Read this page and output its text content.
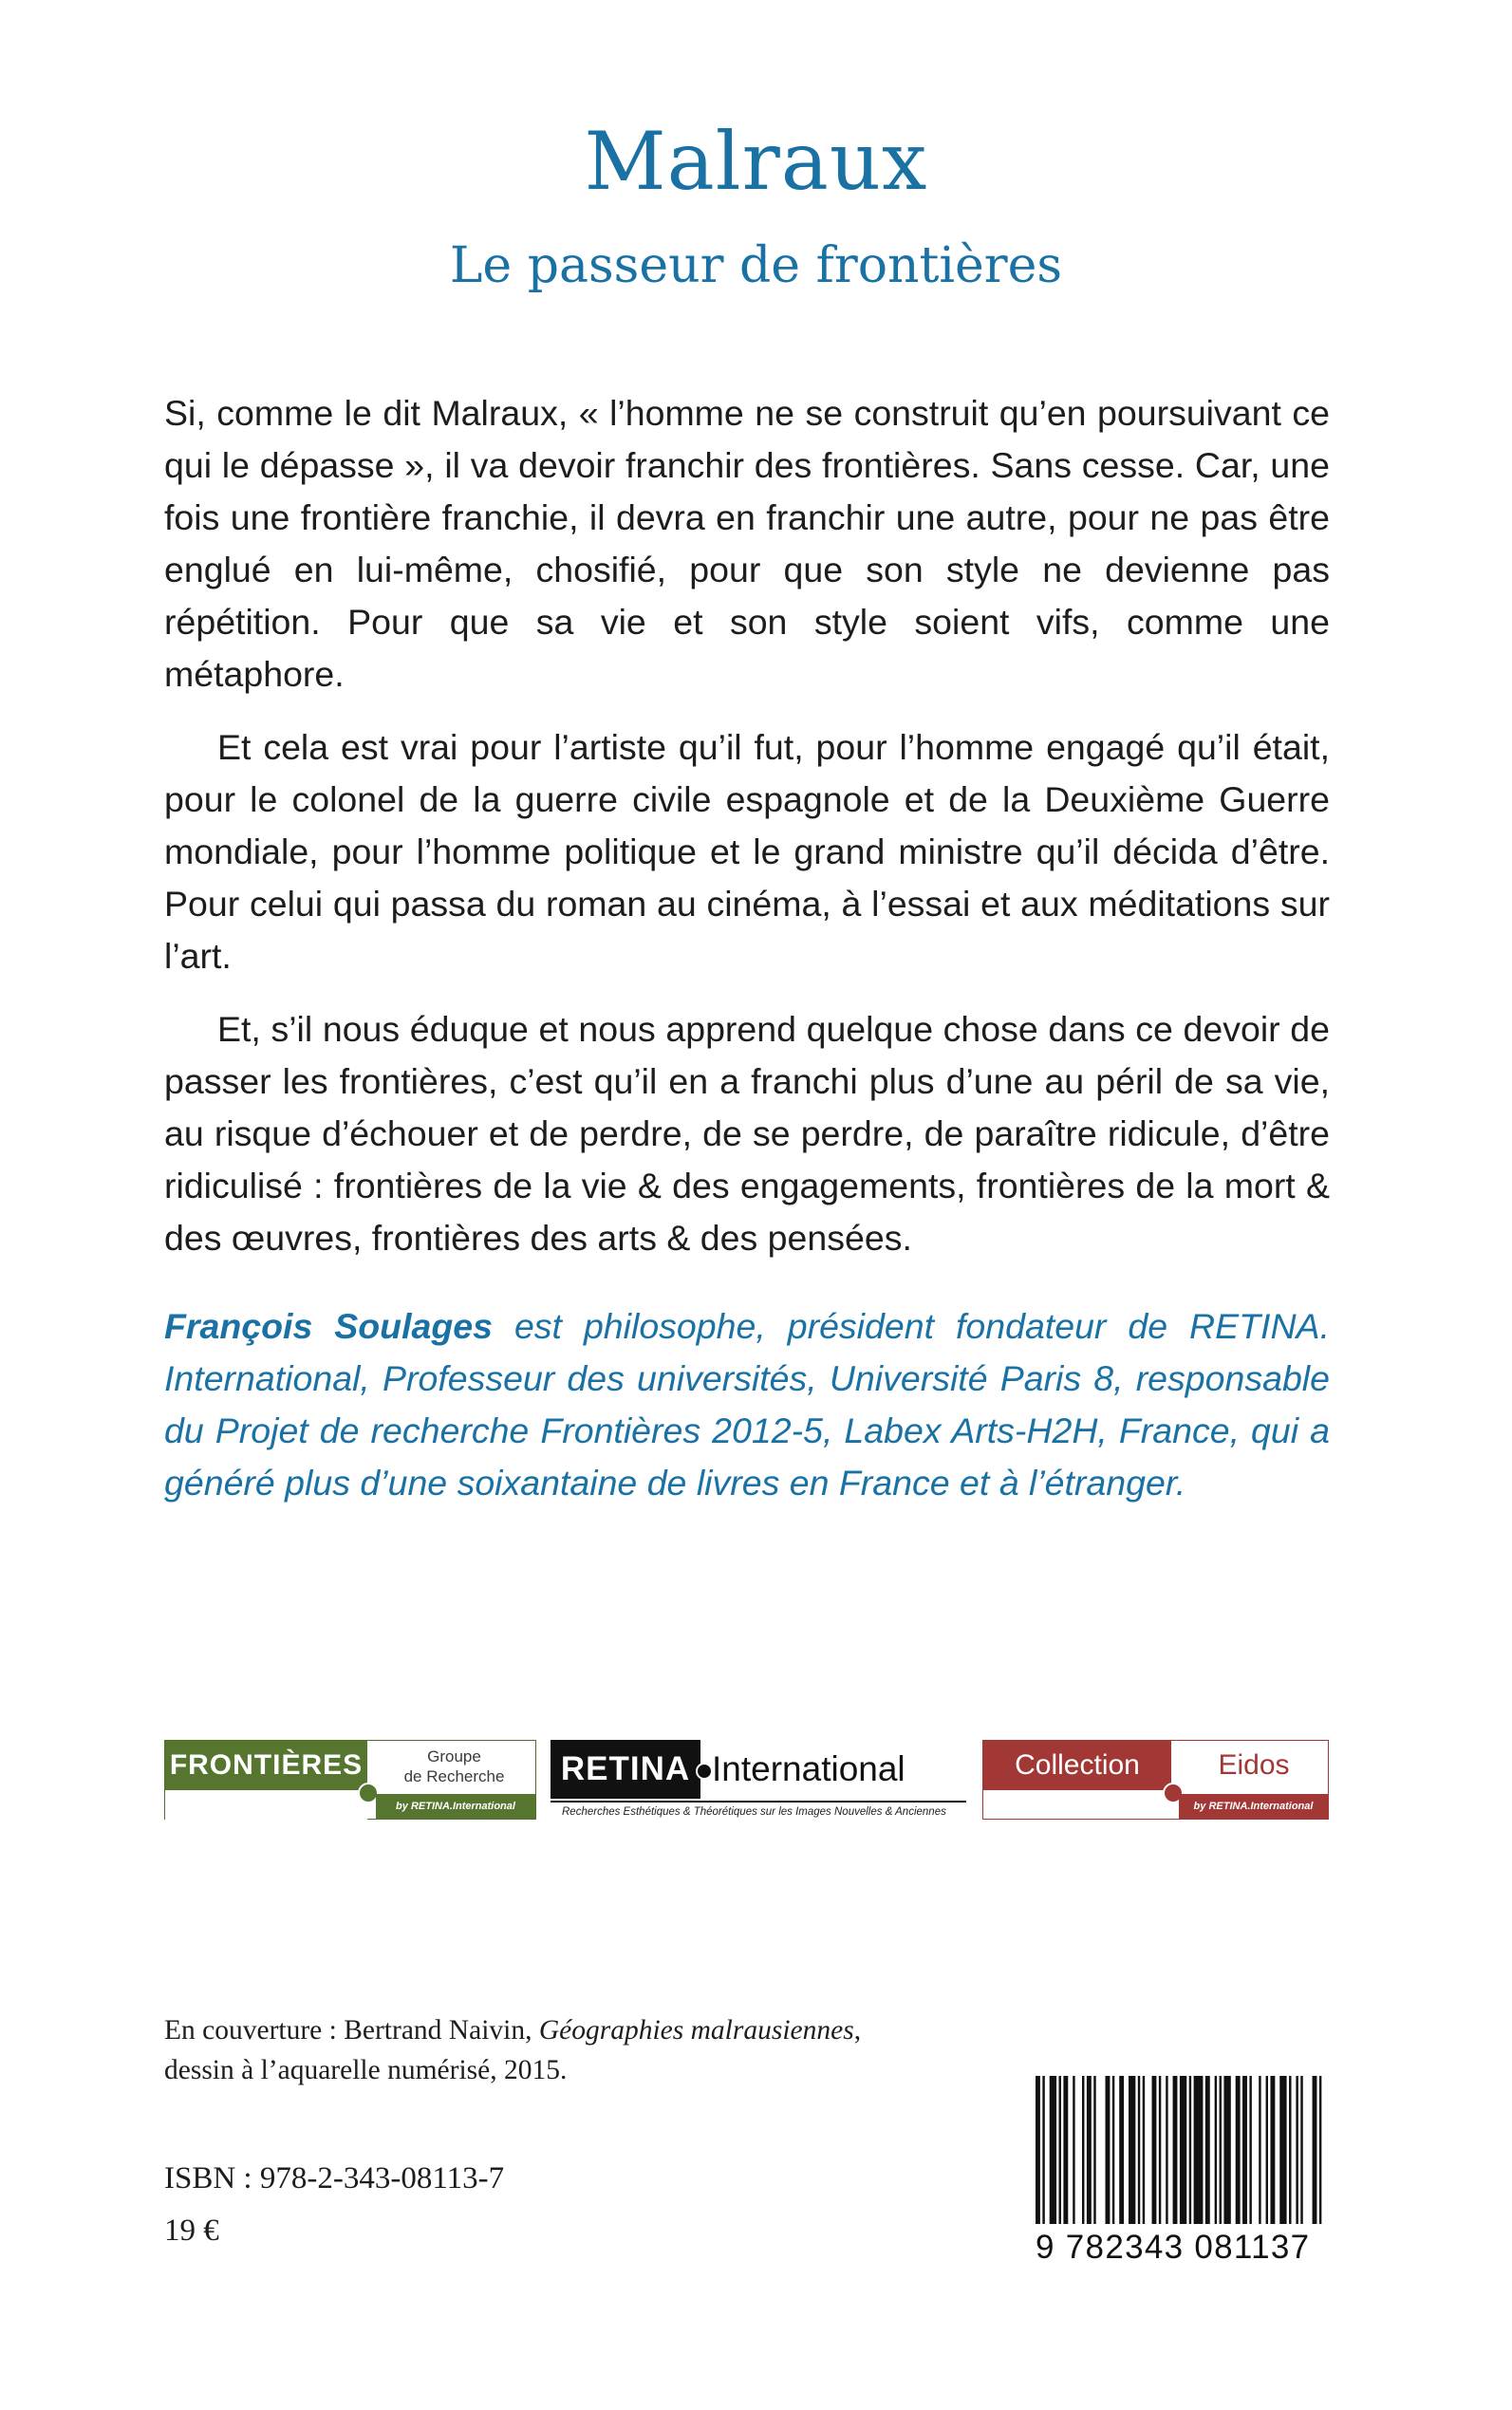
Malraux
Le passeur de frontières

Si, comme le dit Malraux, « l’homme ne se construit qu’en poursuivant ce qui le dépasse », il va devoir franchir des frontières. Sans cesse. Car, une fois une frontière franchie, il devra en franchir une autre, pour ne pas être englué en lui-même, chosifié, pour que son style ne devienne pas répétition. Pour que sa vie et son style soient vifs, comme une métaphore.

Et cela est vrai pour l’artiste qu’il fut, pour l’homme engagé qu’il était, pour le colonel de la guerre civile espagnole et de la Deuxième Guerre mondiale, pour l’homme politique et le grand ministre qu’il décida d’être. Pour celui qui passa du roman au cinéma, à l’essai et aux méditations sur l’art.

Et, s’il nous éduque et nous apprend quelque chose dans ce devoir de passer les frontières, c’est qu’il en a franchi plus d’une au péril de sa vie, au risque d’échouer et de perdre, de se perdre, de paraître ridicule, d’être ridiculisé : frontières de la vie & des engagements, frontières de la mort & des œuvres, frontières des arts & des pensées.

François Soulages est philosophe, président fondateur de RETINA. International, Professeur des universités, Université Paris 8, responsable du Projet de recherche Frontières 2012-5, Labex Arts-H2H, France, qui a généré plus d’une soixantaine de livres en France et à l’étranger.

FRONTIÈRES	Groupe
de Recherche
by RETINA.International
RETINA International
Recherches Esthétiques & Théorétiques sur les Images Nouvelles & Anciennes
Collection	Eidos
by RETINA.International
En couverture : Bertrand Naivin, Géographies malrausiennes,
dessin à l’aquarelle numérisé, 2015.
ISBN : 978-2-343-08113-7
19 €	9 782343 081137
